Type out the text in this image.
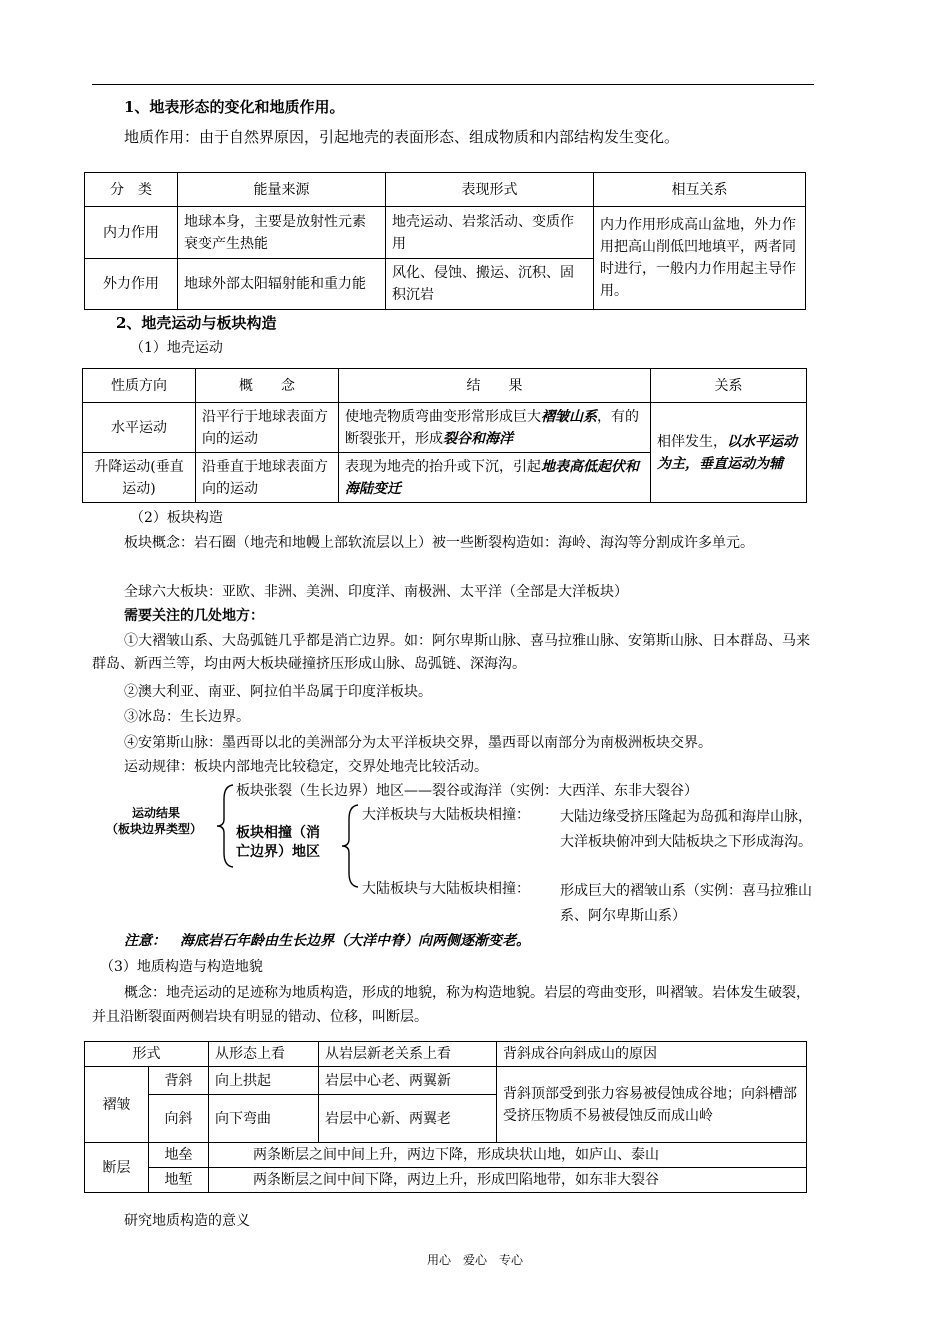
1、地表形态的变化和地质作用。
地质作用：由于自然界原因，引起地壳的表面形态、组成物质和内部结构发生变化。
分　类	能量来源	表现形式	相互关系
内力作用	地球本身，主要是放射性元素衰变产生热能	地壳运动、岩浆活动、变质作用	内力作用形成高山盆地，外力作用把高山削低凹地填平，两者同时进行，一般内力作用起主导作用。
外力作用	地球外部太阳辐射能和重力能	风化、侵蚀、搬运、沉积、固积沉岩	
2、地壳运动与板块构造
（1）地壳运动
性质方向	概　　念	结　　果	关系
水平运动	沿平行于地球表面方向的运动	使地壳物质弯曲变形常形成巨大褶皱山系，有的断裂张开，形成裂谷和海洋	相伴发生，以水平运动为主，垂直运动为辅
升降运动(垂直运动)	沿垂直于地球表面方向的运动	表现为地壳的抬升或下沉，引起地表高低起伏和海陆变迁	
（2）板块构造
板块概念：岩石圈（地壳和地幔上部软流层以上）被一些断裂构造如：海岭、海沟等分割成许多单元。
全球六大板块：亚欧、非洲、美洲、印度洋、南极洲、太平洋（全部是大洋板块）
需要关注的几处地方：
①大褶皱山系、大岛弧链几乎都是消亡边界。如：阿尔卑斯山脉、喜马拉雅山脉、安第斯山脉、日本群岛、马来群岛、新西兰等，均由两大板块碰撞挤压形成山脉、岛弧链、深海沟。
②澳大利亚、南亚、阿拉伯半岛属于印度洋板块。
③冰岛：生长边界。
④安第斯山脉：墨西哥以北的美洲部分为太平洋板块交界，墨西哥以南部分为南极洲板块交界。
运动规律：板块内部地壳比较稳定，交界处地壳比较活动。
运动结果
（板块边界类型）
板块张裂（生长边界）地区——裂谷或海洋（实例：大西洋、东非大裂谷）
板块相撞（消
亡边界）地区
大洋板块与大陆板块相撞： 大陆边缘受挤压隆起为岛孤和海岸山脉，大洋板块俯冲到大陆板块之下形成海沟。
大陆板块与大陆板块相撞： 形成巨大的褶皱山系（实例：喜马拉雅山系、阿尔卑斯山系）
注意：　海底岩石年龄由生长边界（大洋中脊）向两侧逐渐变老。
（3）地质构造与构造地貌
概念：地壳运动的足迹称为地质构造，形成的地貌，称为构造地貌。岩层的弯曲变形，叫褶皱。岩体发生破裂，并且沿断裂面两侧岩块有明显的错动、位移，叫断层。
形式		从形态上看	从岩层新老关系上看	背斜成谷向斜成山的原因
褶皱	背斜	向上拱起	岩层中心老、两翼新	背斜顶部受到张力容易被侵蚀成谷地；向斜槽部受挤压物质不易被侵蚀反而成山岭
	向斜	向下弯曲	岩层中心新、两翼老	
断层	地垒	两条断层之间中间上升，两边下降，形成块状山地，如庐山、泰山		
	地堑	两条断层之间中间下降，两边上升，形成凹陷地带，如东非大裂谷		
研究地质构造的意义
用心　爱心　专心
